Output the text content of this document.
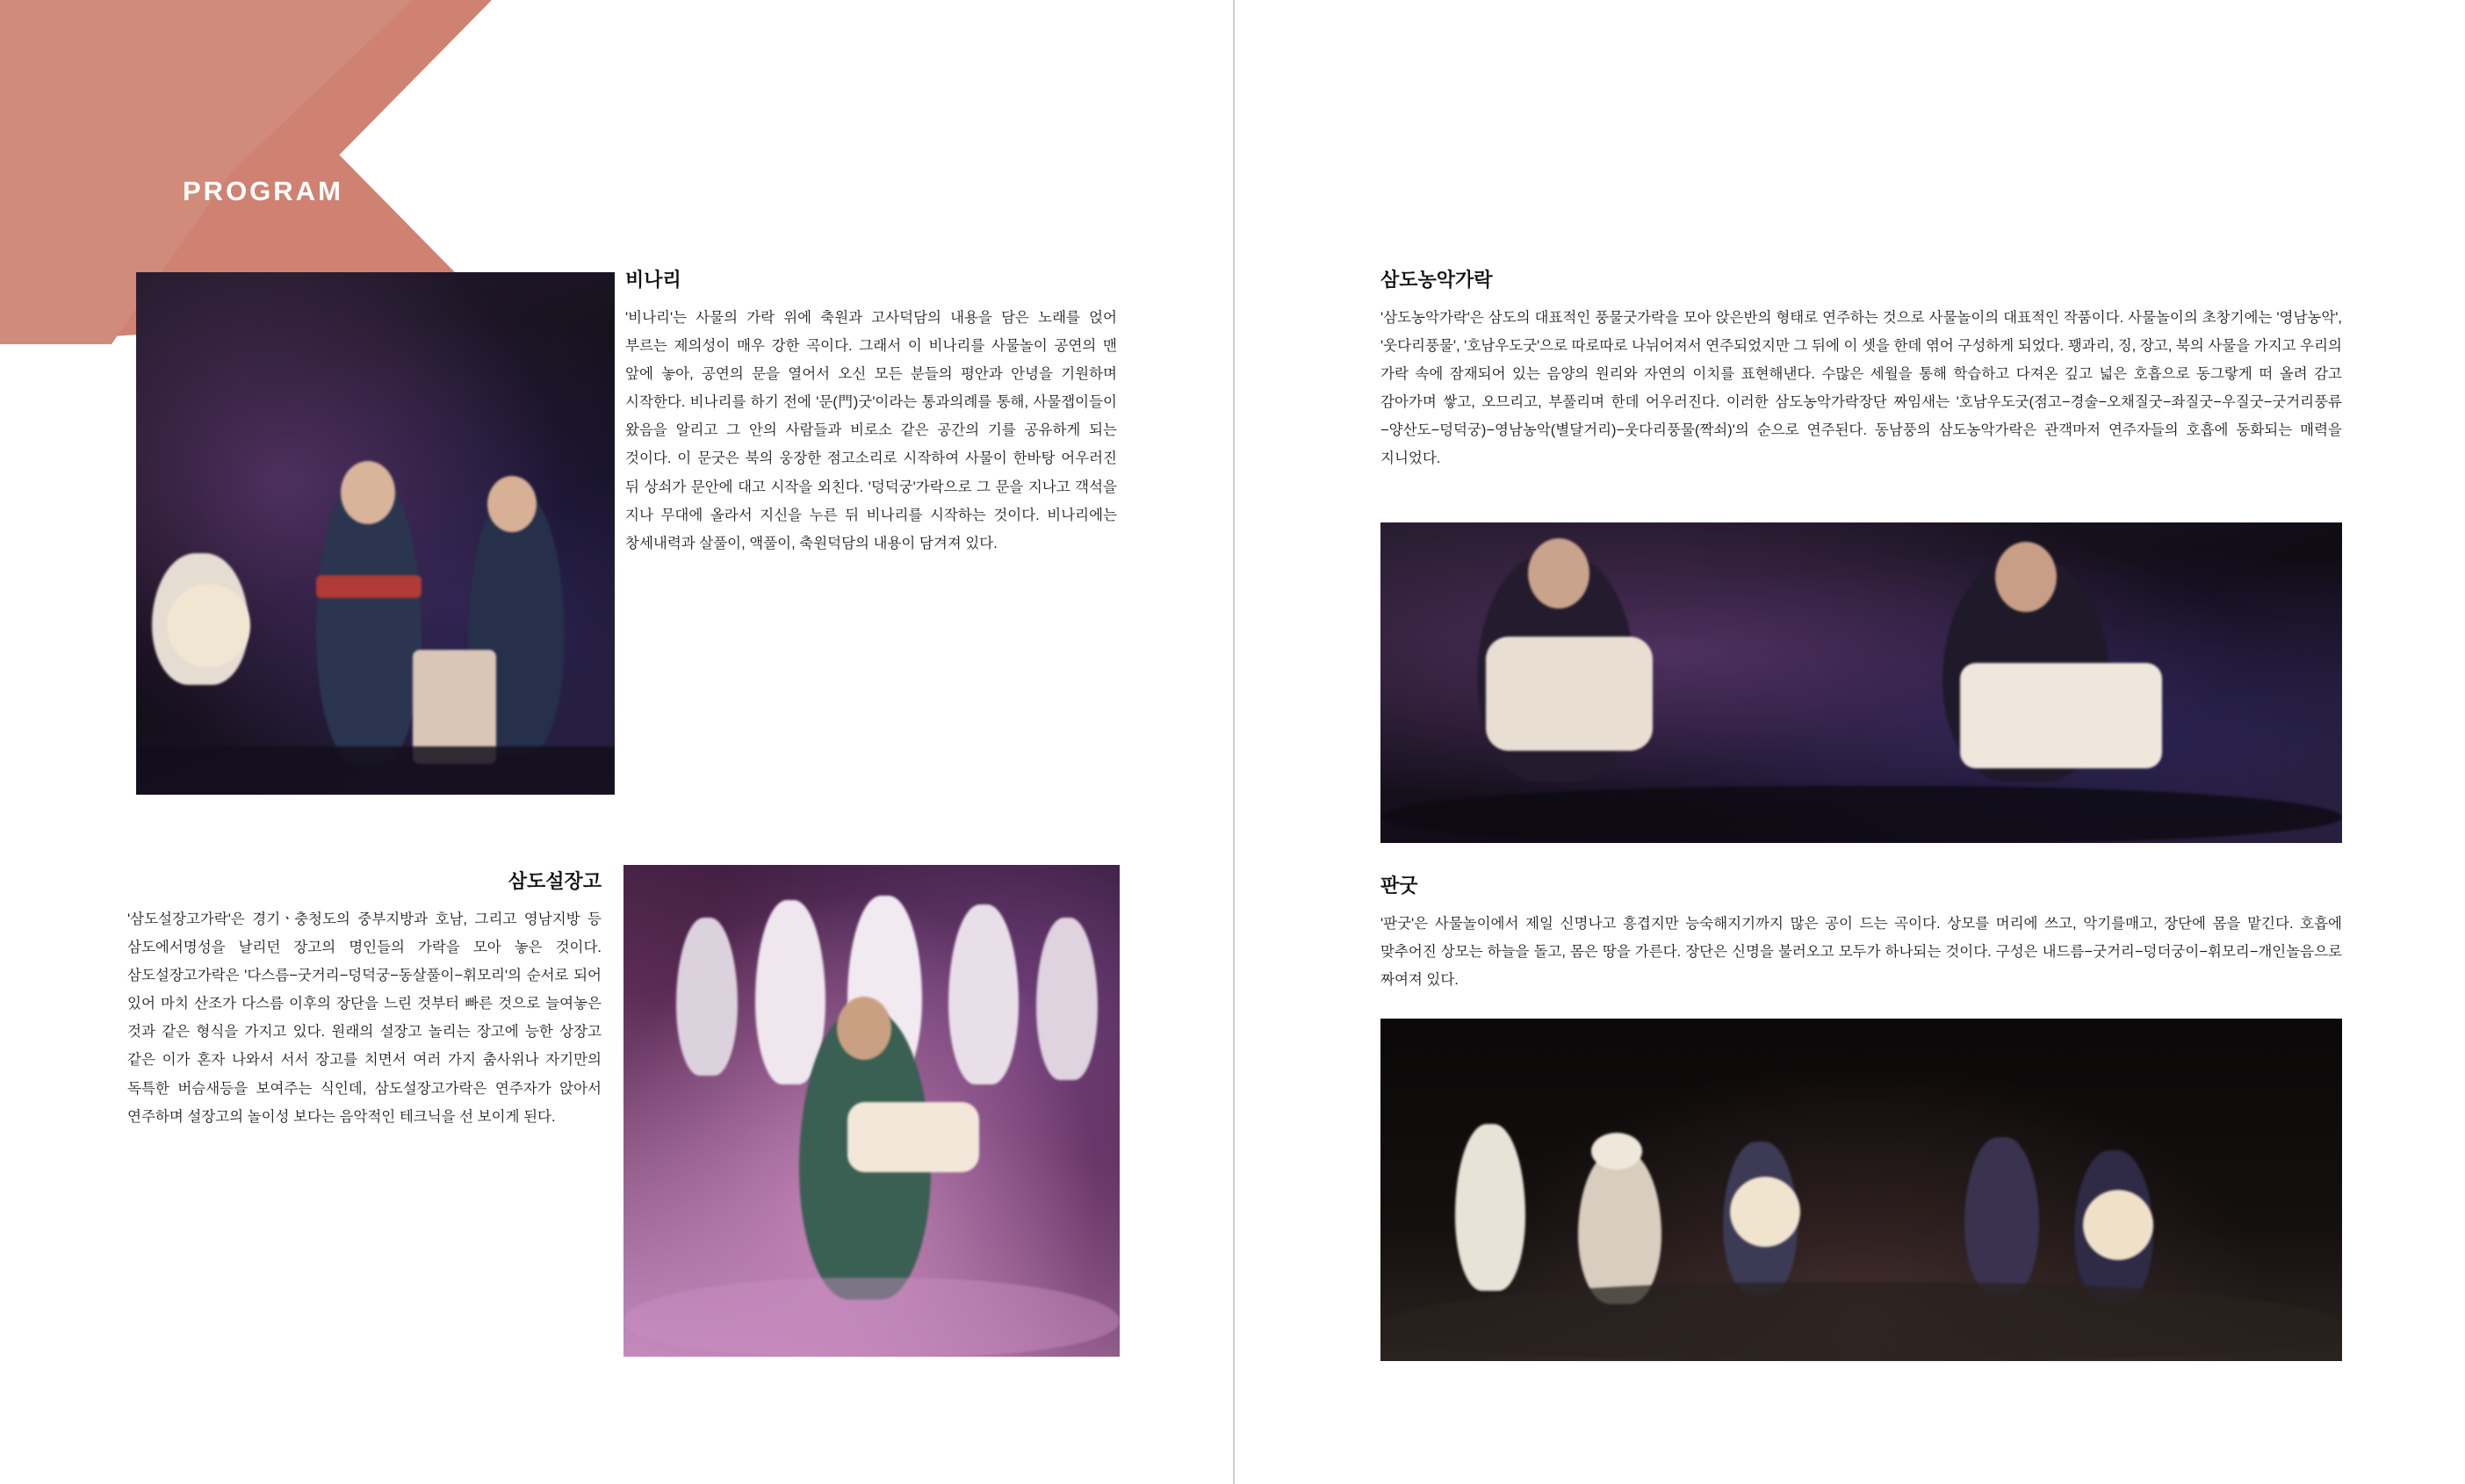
PROGRAM
비나리

'비나리'는 사물의 가락 위에 축원과 고사덕담의 내용을 담은 노래를 얹어 부르는 제의성이 매우 강한 곡이다. 그래서 이 비나리를 사물놀이 공연의 맨 앞에 놓아, 공연의 문을 열어서 오신 모든 분들의 평안과 안녕을 기원하며 시작한다. 비나리를 하기 전에 '문(門)굿'이라는 통과의례를 통해, 사물잽이들이 왔음을 알리고 그 안의 사람들과 비로소 같은 공간의 기를 공유하게 되는 것이다. 이 문굿은 북의 웅장한 점고소리로 시작하여 사물이 한바탕 어우러진 뒤 상쇠가 문안에 대고 시작을 외친다. '덩덕궁'가락으로 그 문을 지나고 객석을 지나 무대에 올라서 지신을 누른 뒤 비나리를 시작하는 것이다. 비나리에는 창세내력과 살풀이, 액풀이, 축원덕담의 내용이 담겨져 있다.

삼도설장고

'삼도설장고가락'은 경기ㆍ충청도의 중부지방과 호남, 그리고 영남지방 등 삼도에서명성을 날리던 장고의 명인들의 가락을 모아 놓은 것이다. 삼도설장고가락은 '다스름−굿거리−덩덕궁−동살풀이−휘모리'의 순서로 되어 있어 마치 산조가 다스름 이후의 장단을 느린 것부터 빠른 것으로 늘여놓은 것과 같은 형식을 가지고 있다. 원래의 설장고 놀리는 장고에 능한 상장고 같은 이가 혼자 나와서 서서 장고를 치면서 여러 가지 춤사위나 자기만의 독특한 버슴새등을 보여주는 식인데, 삼도설장고가락은 연주자가 앉아서 연주하며 설장고의 놀이성 보다는 음악적인 테크닉을 선 보이게 된다.

삼도농악가락

'삼도농악가락'은 삼도의 대표적인 풍물굿가락을 모아 앉은반의 형태로 연주하는 것으로 사물놀이의 대표적인 작품이다. 사물놀이의 초창기에는 '영남농악', '웃다리풍물', '호남우도굿'으로 따로따로 나뉘어져서 연주되었지만 그 뒤에 이 셋을 한데 엮어 구성하게 되었다. 꽹과리, 징, 장고, 북의 사물을 가지고 우리의 가락 속에 잠재되어 있는 음양의 원리와 자연의 이치를 표현해낸다. 수많은 세월을 통해 학습하고 다져온 깊고 넓은 호흡으로 동그랗게 떠 올려 감고 감아가며 쌓고, 오므리고, 부풀리며 한데 어우러진다. 이러한 삼도농악가락장단 짜임새는 '호남우도굿(점고−경술−오채질굿−좌질굿−우질굿−굿거리풍류−양산도−덩덕궁)−영남농악(별달거리)−웃다리풍물(짝쇠)'의 순으로 연주된다. 동남풍의 삼도농악가락은 관객마저 연주자들의 호흡에 동화되는 매력을 지니었다.

판굿

'판굿'은 사물놀이에서 제일 신명나고 흥겹지만 능숙해지기까지 많은 공이 드는 곡이다. 상모를 머리에 쓰고, 악기를매고, 장단에 몸을 맡긴다. 호흡에 맞추어진 상모는 하늘을 돌고, 몸은 땅을 가른다. 장단은 신명을 불러오고 모두가 하나되는 것이다. 구성은 내드름−굿거리−덩더궁이−휘모리−개인놀음으로 짜여져 있다.
